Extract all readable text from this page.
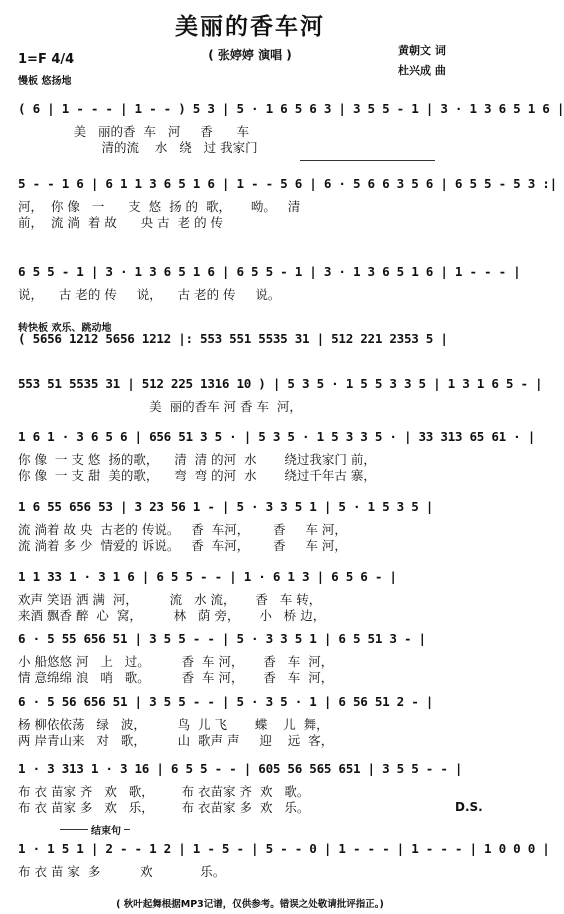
美丽的香车河
( 张婷婷 演唱 )	黄朝文 词
杜兴成 曲
1=F 4/4
慢板 悠扬地
( 6 | 1 - - - | 1 - - ) 5 3 | 5 · 1 6 5 6 3 | 3 5 5 - 1 | 3 · 1 3 6 5 1 6 |
美   丽的香  车   河     香      车
清的流    水   绕   过 我家门
5 - - 1 6 | 6 1 1 3 6 5 1 6 | 1 - - 5 6 | 6 · 5 6 6 3 5 6 | 6 5 5 - 5 3 :|
河，  你 像   一      支  悠  扬 的  歌，     呦。   清
前，  流 淌  着 故      央 古  老 的 传
6 5 5 - 1 | 3 · 1 3 6 5 1 6 | 6 5 5 - 1 | 3 · 1 3 6 5 1 6 | 1 - - - |
说，    古 老的 传     说，    古 老的 传     说。
( 5656 1212 5656 1212 |: 553 551 5535 31 | 512 221 2353 5 |
553 51 5535 31 | 512 225 1316 10 ) | 5 3 5 · 1 5 5 3 3 5 | 1 3 1 6 5 - |
美  丽的香车 河 香 车  河，
1 6 1 · 3 6 5 6 | 656 51 3 5 · | 5 3 5 · 1 5 3 3 5 · | 33 313 65 61 · |
你 像  一 支 悠  扬的歌，    清  清 的河  水       绕过我家门 前，
你 像  一 支 甜  美的歌，    弯  弯 的河  水       绕过千年古 寨，
1 6 55 656 53 | 3 23 56 1 - | 5 · 3 3 5 1 | 5 · 1 5 3 5 |
流 淌着 故 央  古老的 传说。   香  车河，      香     车 河，
流 淌着 多 少  情爱的 诉说。   香  车河，      香     车 河，
1 1 33 1 · 3 1 6 | 6 5 5 - - | 1 · 6 1 3 | 6 5 6 - |
欢声 笑语 洒 满  河，        流   水 流，     香   车 转，
来酒 飘香 醉  心  窝，        林   荫 旁，     小   桥 边，
6 · 5 55 656 51 | 3 5 5 - - | 5 · 3 3 5 1 | 6 5 51 3 - |
小 船悠悠 河   上   过。        香  车 河，     香   车  河，
情 意绵绵 浪   哨   歌。        香  车 河，     香   车  河，
6 · 5 56 656 51 | 3 5 5 - - | 5 · 3 5 · 1 | 6 56 51 2 - |
杨 柳依依荡   绿   波，        鸟  儿 飞       蝶    儿  舞，
两 岸青山来   对   歌，        山  歌声 声     迎    远  客，
1 · 3 313 1 · 3 16 | 6 5 5 - - | 605 56 565 651 | 3 5 5 - - |
布 衣 苗家 齐   欢   歌，       布 衣苗家 齐  欢   歌。
布 衣 苗家 多   欢   乐，       布 衣苗家 多  欢   乐。
1 · 1 5 1 | 2 - - 1 2 | 1 - 5 - | 5 - - 0 | 1 - - - | 1 - - - | 1 0 0 0 |
布 衣 苗 家  多          欢            乐。
转快板 欢乐、跳动地
D.S.
结束句
( 秋叶起舞根据MP3记谱，仅供参考。错误之处敬请批评指正。)
